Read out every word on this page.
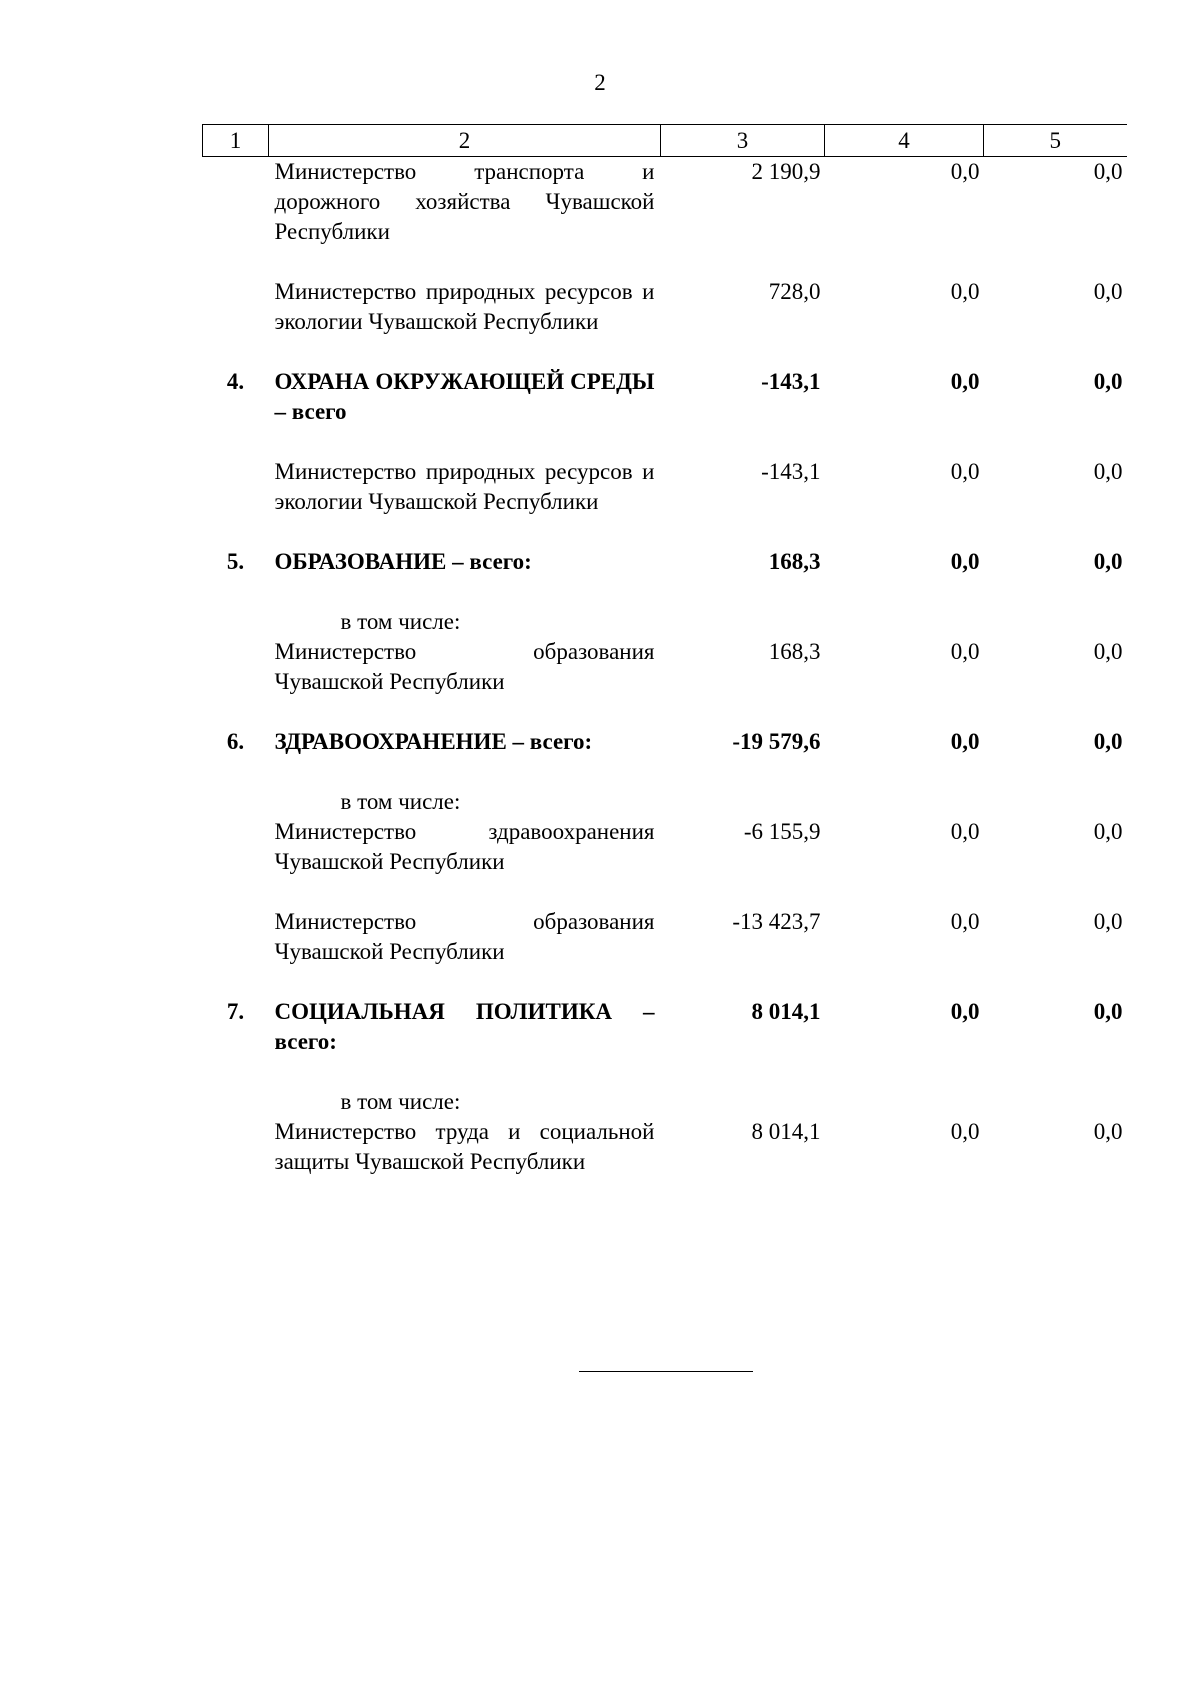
2
1	2	3	4	5
	Министерство транспорта и дорожного хозяйства Чувашской Республики	2 190,9	0,0	0,0

	Министерство природных ресурсов и экологии Чувашской Республики	728,0	0,0	0,0

4.	ОХРАНА ОКРУЖАЮЩЕЙ СРЕДЫ – всего	-143,1	0,0	0,0

	Министерство природных ресурсов и экологии Чувашской Республики	-143,1	0,0	0,0

5.	ОБРАЗОВАНИЕ – всего:	168,3	0,0	0,0

	в том числе:			
	Министерство образования Чувашской Республики	168,3	0,0	0,0

6.	ЗДРАВООХРАНЕНИЕ – всего:	-19 579,6	0,0	0,0

	в том числе:			
	Министерство здравоохранения Чувашской Республики	-6 155,9	0,0	0,0

	Министерство образования Чувашской Республики	-13 423,7	0,0	0,0

7.	СОЦИАЛЬНАЯ ПОЛИТИКА – всего:	8 014,1	0,0	0,0

	в том числе:			
	Министерство труда и социальной защиты Чувашской Республики	8 014,1	0,0	0,0
